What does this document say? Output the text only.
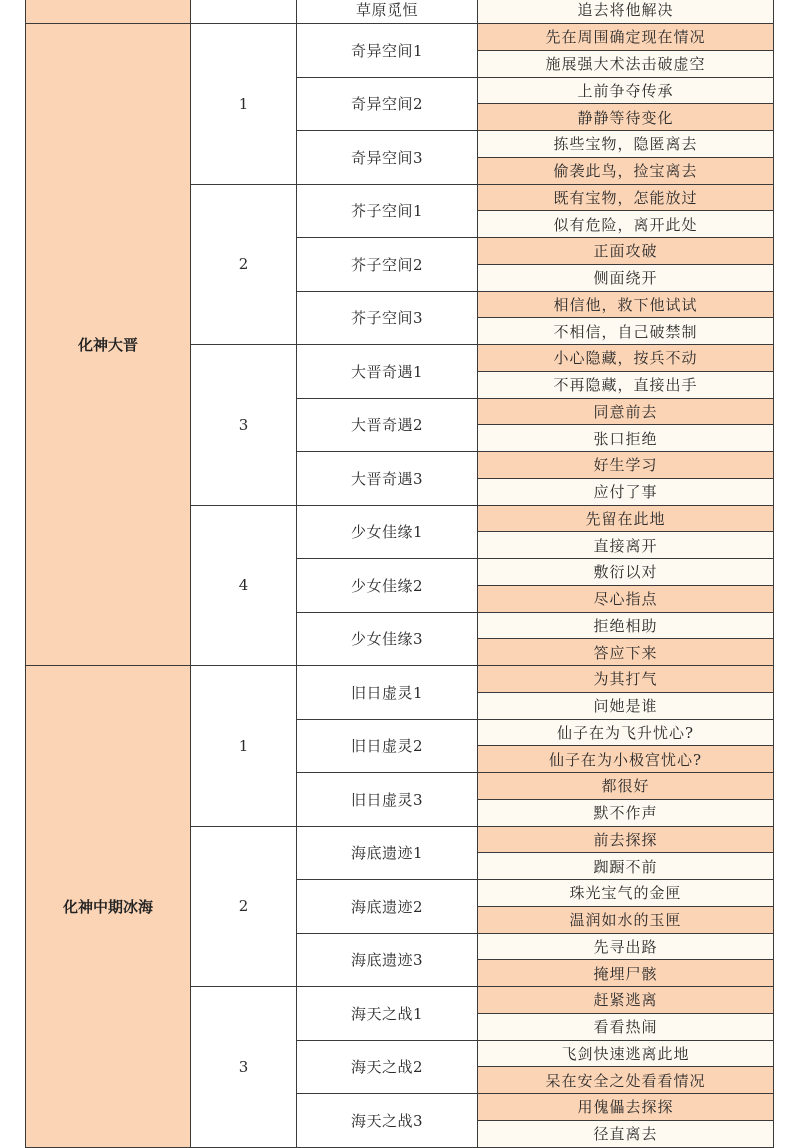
		草原觅恒	追去将他解决
化神大晋	1	奇异空间1	先在周围确定现在情况
			施展强大术法击破虚空
		奇异空间2	上前争夺传承
			静静等待变化
		奇异空间3	拣些宝物，隐匿离去
			偷袭此鸟，捡宝离去
	2	芥子空间1	既有宝物，怎能放过
			似有危险，离开此处
		芥子空间2	正面攻破
			侧面绕开
		芥子空间3	相信他，救下他试试
			不相信，自己破禁制
	3	大晋奇遇1	小心隐藏，按兵不动
			不再隐藏，直接出手
		大晋奇遇2	同意前去
			张口拒绝
		大晋奇遇3	好生学习
			应付了事
	4	少女佳缘1	先留在此地
			直接离开
		少女佳缘2	敷衍以对
			尽心指点
		少女佳缘3	拒绝相助
			答应下来
化神中期冰海	1	旧日虚灵1	为其打气
			问她是谁
		旧日虚灵2	仙子在为飞升忧心?
			仙子在为小极宫忧心?
		旧日虚灵3	都很好
			默不作声
	2	海底遗迹1	前去探探
			踟蹰不前
		海底遗迹2	珠光宝气的金匣
			温润如水的玉匣
		海底遗迹3	先寻出路
			掩埋尸骸
	3	海天之战1	赶紧逃离
			看看热闹
		海天之战2	飞剑快速逃离此地
			呆在安全之处看看情况
		海天之战3	用傀儡去探探
			径直离去
